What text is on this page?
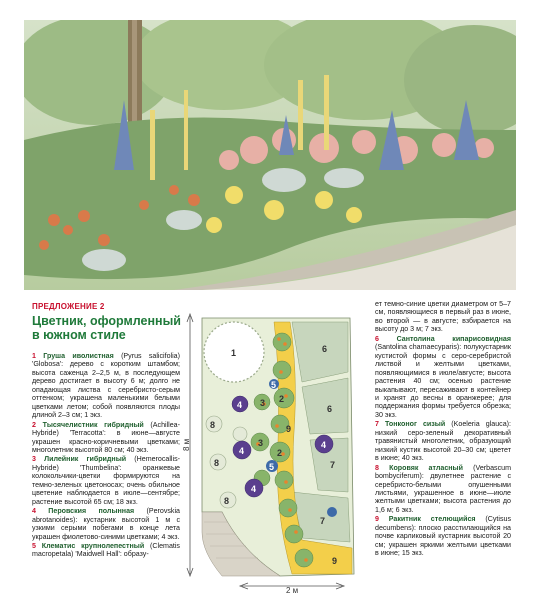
ПРЕДЛОЖЕНИЕ 2
Цветник, оформленный в южном стиле
1 Груша иволистная (Pyrus salicifolia) 'Globosa': дерево с коротким штамбом; высота саженца 2–2,5 м, в последующем дерево достигает в высоту 6 м; долго не опадающая листва с серебристо-серым оттенком; украшена маленькими белыми цветками летом; собой появляются плоды длиной 2–3 см; 1 экз.
2 Тысячелистник гибридный (Achillea-Hybride) 'Terracotta': в июне—августе украшен красно-коричневыми цветками; многолетник высотой 80 см; 40 экз.
3 Лилейник гибридный (Hemerocallis-Hybride) 'Thumbelina': оранжевые колокольчики-цветки формируются на темно-зеленых цветоносах; очень обильное цветение наблюдается в июле—сентябре; растение высотой 65 см; 18 экз.
4 Перовския полынная (Perovskia abrotanoides): кустарник высотой 1 м с узкими серыми побегами в конце лета украшен фиолетово-синими цветками; 4 экз.
5 Клематис крупнолепестный (Clematis macropetala) 'Maidwell Hall': образу-
8 м
2 м
1
8
8
8
4
4
4
4
2
2
3
3
5
5
6
6
7
7
9
9
ет темно-синие цветки диаметром от 5–7 см, появляющиеся в первый раз в июне, во второй — в августе; взбирается на высоту до 3 м; 7 экз.
6 Сантолина кипарисовидная (Santolina chamaecyparis): полукустарник кустистой формы с серо-серебристой листвой и желтыми цветками, появляющимися в июле/августе; высота растения 40 см; осенью растение выкапывают, пересаживают в контейнер и хранят до весны в оранжерее; для поддержания формы требуется обрезка; 30 экз.
7 Тонконог сизый (Koeleria glauca): низкий серо-зеленый декоративный травянистый многолетник, образующий низкий кустик высотой 20–30 см; цветет в июне; 40 экз.
8 Коровяк атласный (Verbascum bombyciferum): двулетнее растение с серебристо-белыми опушенными листьями, украшенное в июне—июле желтыми цветками; высота растения до 1,6 м; 6 экз.
9 Ракитник стелющийся (Cytisus decumbens): плоско расстилающийся на почве карликовый кустарник высотой 20 см; украшен яркими желтыми цветками в июне; 15 экз.
